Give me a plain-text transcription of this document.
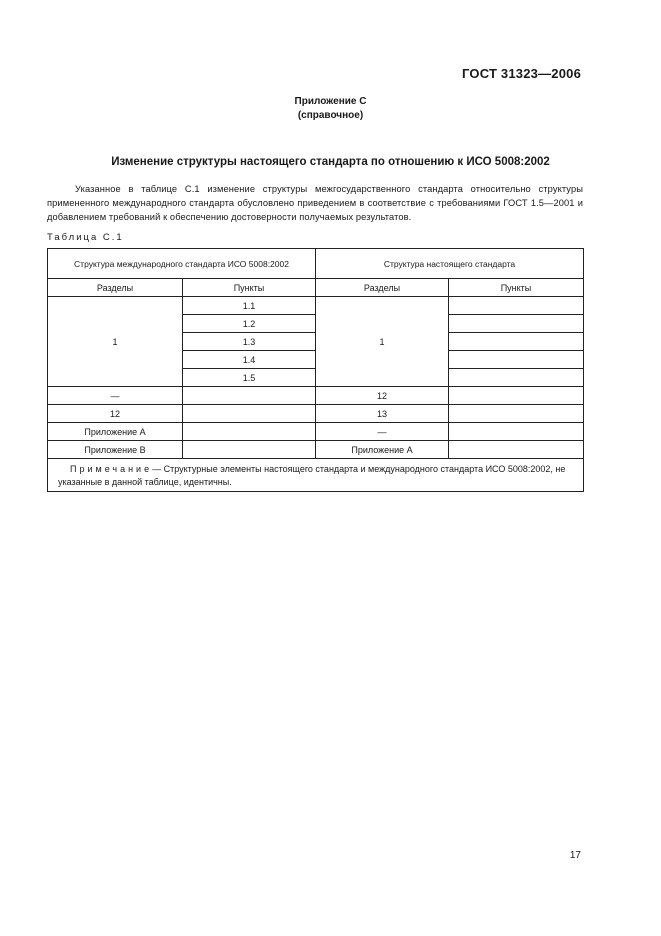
ГОСТ 31323—2006
Приложение С
(справочное)
Изменение структуры настоящего стандарта по отношению к ИСО 5008:2002
Указанное в таблице С.1 изменение структуры межгосударственного стандарта относительно структуры примененного международного стандарта обусловлено приведением в соответствие с требованиями ГОСТ 1.5—2001 и добавлением требований к обеспечению достоверности получаемых результатов.
Таблица С.1
Структура международного стандарта ИСО 5008:2002		Структура настоящего стандарта	
Разделы	Пункты	Разделы	Пункты
1	1.1	1	
	1.2		
	1.3		
	1.4		
	1.5		
—		12	
12		13	
Приложение А		—	
Приложение В		Приложение А	
Примечание— Структурные элементы настоящего стандарта и международного стандарта ИСО 5008:2002, не указанные в данной таблице, идентичны.			
17
